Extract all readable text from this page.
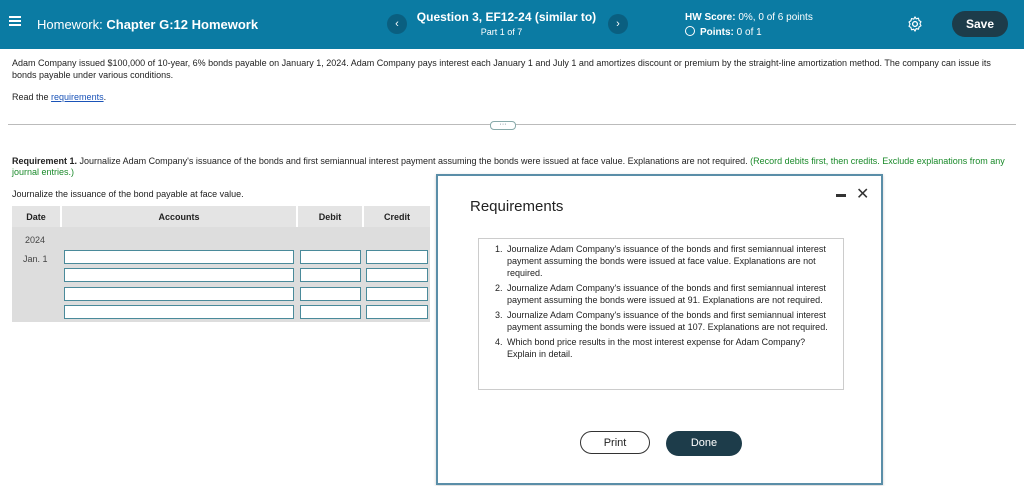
Homework: Chapter G:12 Homework	‹	Question 3, EF12-24 (similar to)
Part 1 of 7
›
HW Score: 0%, 0 of 6 points
Points: 0 of 1
Save
Adam Company issued $100,000 of 10-year, 6% bonds payable on January 1, 2024. Adam Company pays interest each January 1 and July 1 and amortizes discount or premium by the straight-line amortization method. The company can issue its bonds payable under various conditions.
Read the requirements.
···
Requirement 1. Journalize Adam Company's issuance of the bonds and first semiannual interest payment assuming the bonds were issued at face value. Explanations are not required. (Record debits first, then credits. Exclude explanations from any journal entries.)
Journalize the issuance of the bond payable at face value.
Date	Accounts	Debit	Credit
2024
Jan. 1
Requirements
✕
1. Journalize Adam Company's issuance of the bonds and first semiannual interest payment assuming the bonds were issued at face value. Explanations are not required.
2. Journalize Adam Company's issuance of the bonds and first semiannual interest payment assuming the bonds were issued at 91. Explanations are not required.
3. Journalize Adam Company's issuance of the bonds and first semiannual interest payment assuming the bonds were issued at 107. Explanations are not required.
4. Which bond price results in the most interest expense for Adam Company? Explain in detail.
Print	Done
